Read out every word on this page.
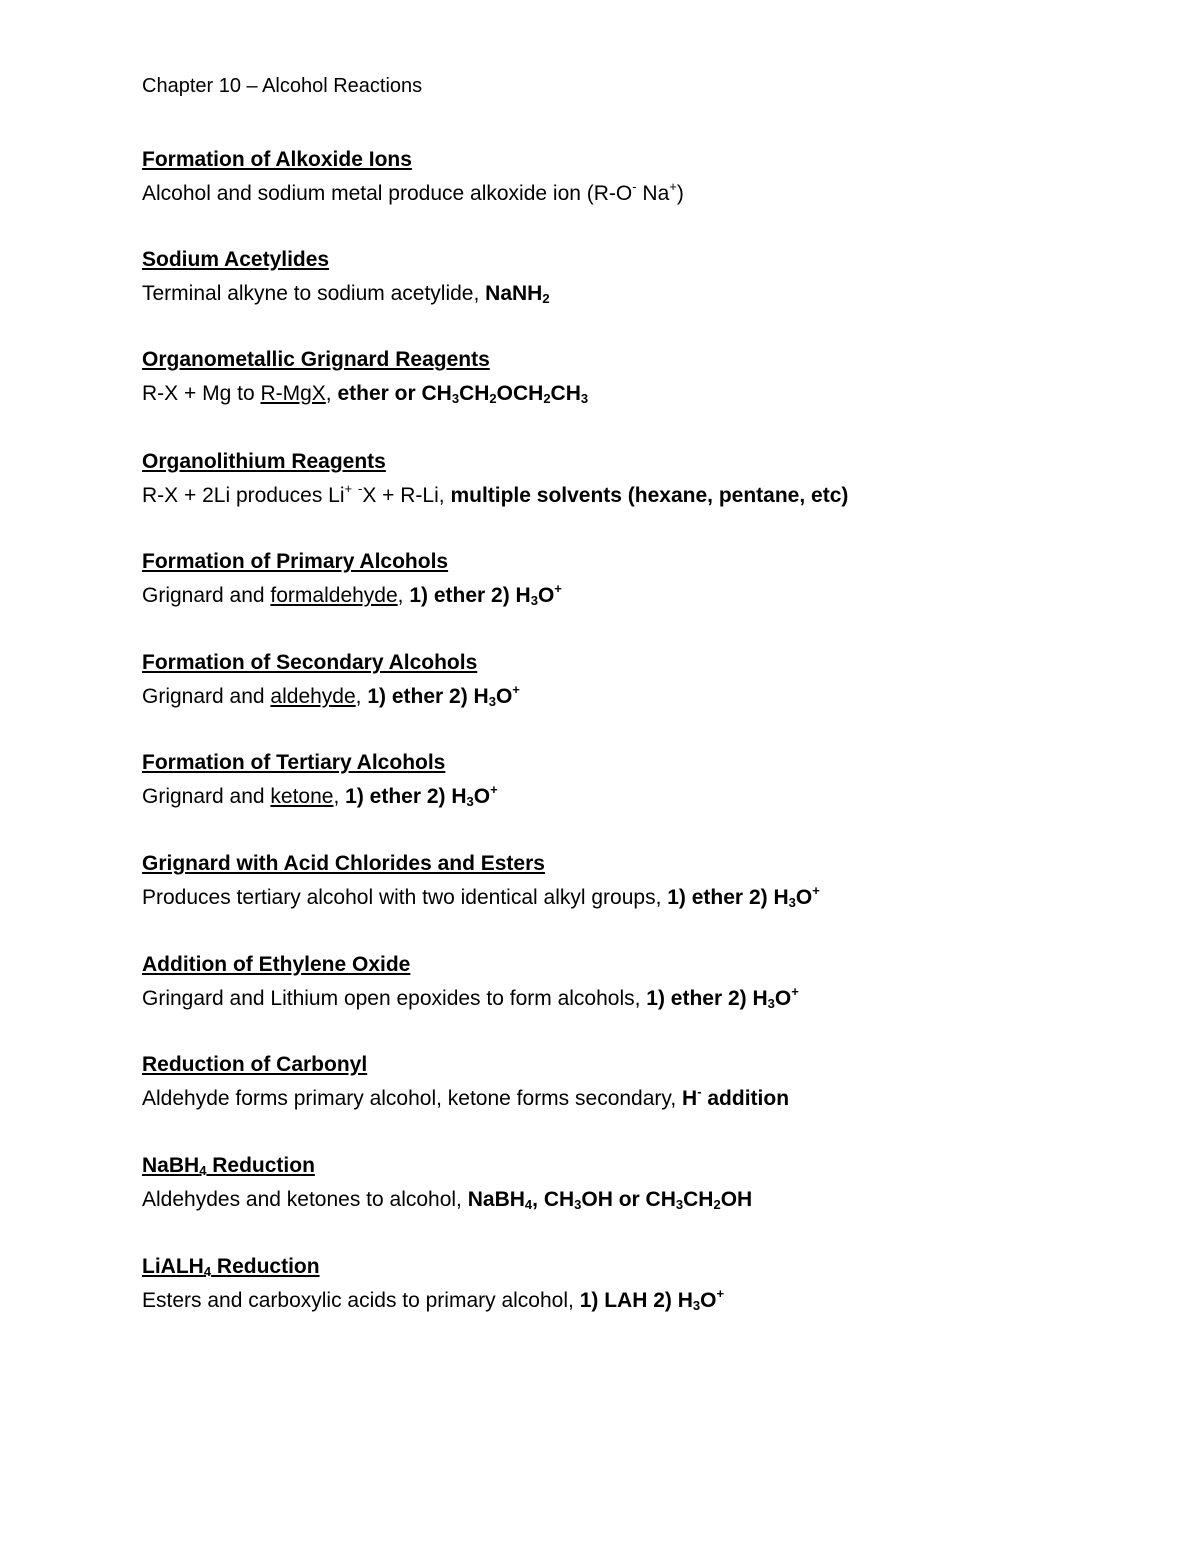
Chapter 10 – Alcohol Reactions
Formation of Alkoxide Ions
Alcohol and sodium metal produce alkoxide ion (R-O- Na+)
Sodium Acetylides
Terminal alkyne to sodium acetylide, NaNH$_2$
Organometallic Grignard Reagents
R-X + Mg to R-MgX, ether or $CH_3CH_2OCH_2CH_3$
Organolithium Reagents
R-X + 2Li produces Li+ -X + R-Li, multiple solvents (hexane, pentane, etc)
Formation of Primary Alcohols
Grignard and formaldehyde, 1) ether 2) $H_3O^+$
Formation of Secondary Alcohols
Grignard and aldehyde, 1) ether 2) $H_3O^+$
Formation of Tertiary Alcohols
Grignard and ketone, 1) ether 2) $H_3O^+$
Grignard with Acid Chlorides and Esters
Produces tertiary alcohol with two identical alkyl groups, 1) ether 2) $H_3O^+$
Addition of Ethylene Oxide
Gringard and Lithium open epoxides to form alcohols, 1) ether 2) $H_3O^+$
Reduction of Carbonyl
Aldehyde forms primary alcohol, ketone forms secondary, H- addition
NaBH$_4$ Reduction
Aldehydes and ketones to alcohol, NaBH$_4$, $CH_3OH$ or $CH_3CH_2OH$
LiALH$_4$ Reduction
Esters and carboxylic acids to primary alcohol, 1) LAH 2) $H_3O^+$
